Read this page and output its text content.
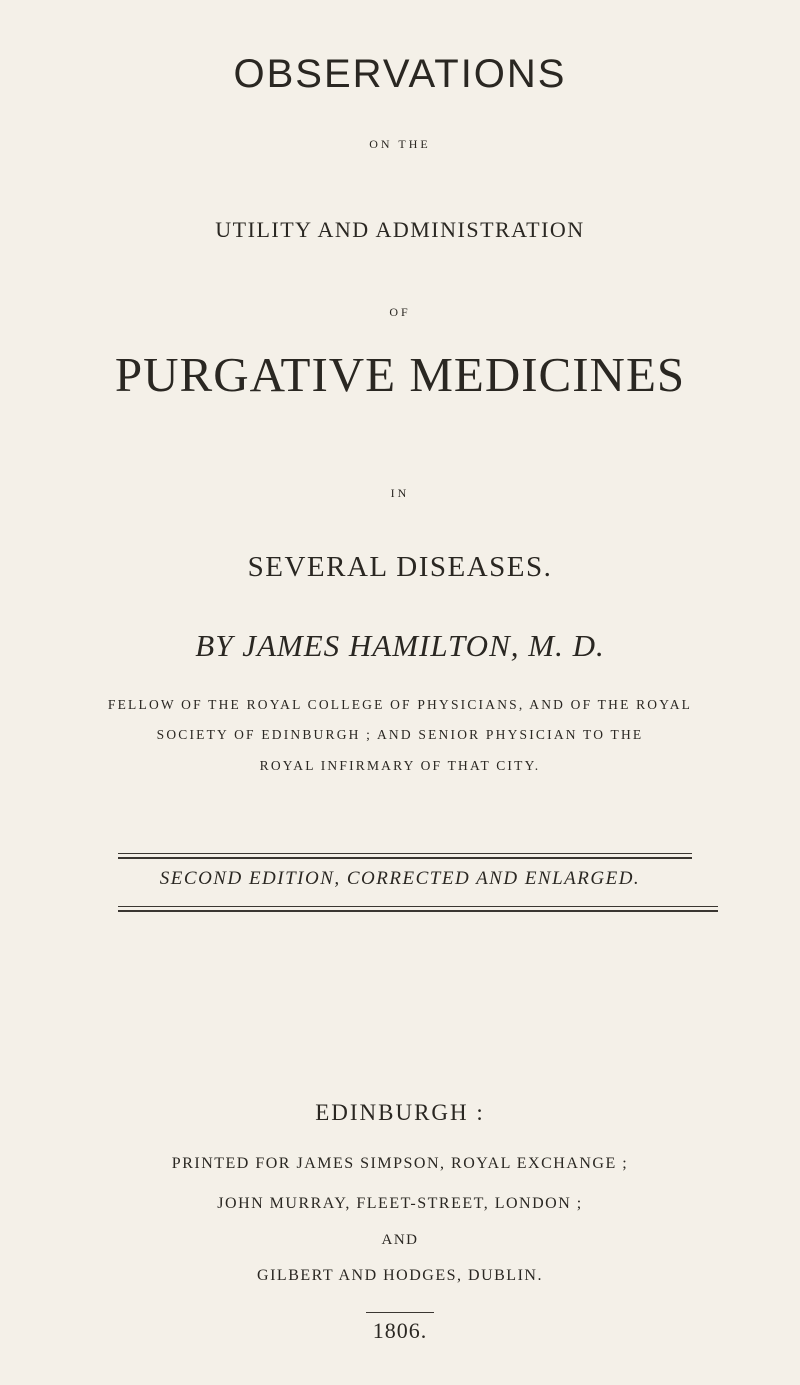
OBSERVATIONS
ON THE
UTILITY AND ADMINISTRATION
OF
PURGATIVE MEDICINES
IN
SEVERAL DISEASES.
BY JAMES HAMILTON, M. D.
FELLOW OF THE ROYAL COLLEGE OF PHYSICIANS, AND OF THE ROYAL
SOCIETY OF EDINBURGH ; AND SENIOR PHYSICIAN TO THE
ROYAL INFIRMARY OF THAT CITY.
SECOND EDITION, CORRECTED AND ENLARGED.
EDINBURGH :
PRINTED FOR JAMES SIMPSON, ROYAL EXCHANGE ;
JOHN MURRAY, FLEET-STREET, LONDON ;
AND
GILBERT AND HODGES, DUBLIN.
1806.
